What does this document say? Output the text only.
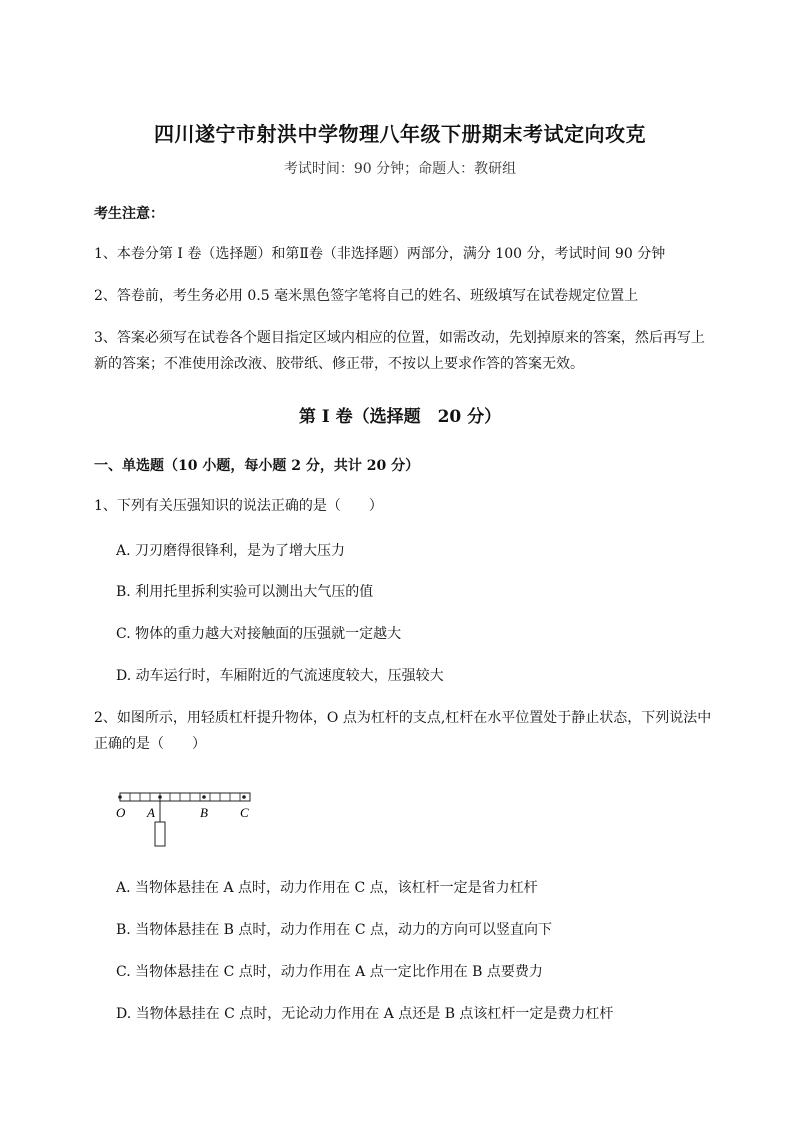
四川遂宁市射洪中学物理八年级下册期末考试定向攻克
考试时间：90 分钟；命题人：教研组
考生注意：
1、本卷分第 I 卷（选择题）和第Ⅱ卷（非选择题）两部分，满分 100 分，考试时间 90 分钟
2、答卷前，考生务必用 0.5 毫米黑色签字笔将自己的姓名、班级填写在试卷规定位置上
3、答案必须写在试卷各个题目指定区域内相应的位置，如需改动，先划掉原来的答案，然后再写上新的答案；不准使用涂改液、胶带纸、修正带，不按以上要求作答的答案无效。
第 I 卷（选择题　20 分）
一、单选题（10 小题，每小题 2 分，共计 20 分）
1、下列有关压强知识的说法正确的是（　　）
A. 刀刃磨得很锋利，是为了增大压力
B. 利用托里拆利实验可以测出大气压的值
C. 物体的重力越大对接触面的压强就一定越大
D. 动车运行时，车厢附近的气流速度较大，压强较大
2、如图所示，用轻质杠杆提升物体，O 点为杠杆的支点,杠杆在水平位置处于静止状态，下列说法中正确的是（　　）
O A	B C
A. 当物体悬挂在 A 点时，动力作用在 C 点，该杠杆一定是省力杠杆
B. 当物体悬挂在 B 点时，动力作用在 C 点，动力的方向可以竖直向下
C. 当物体悬挂在 C 点时，动力作用在 A 点一定比作用在 B 点要费力
D. 当物体悬挂在 C 点时，无论动力作用在 A 点还是 B 点该杠杆一定是费力杠杆
